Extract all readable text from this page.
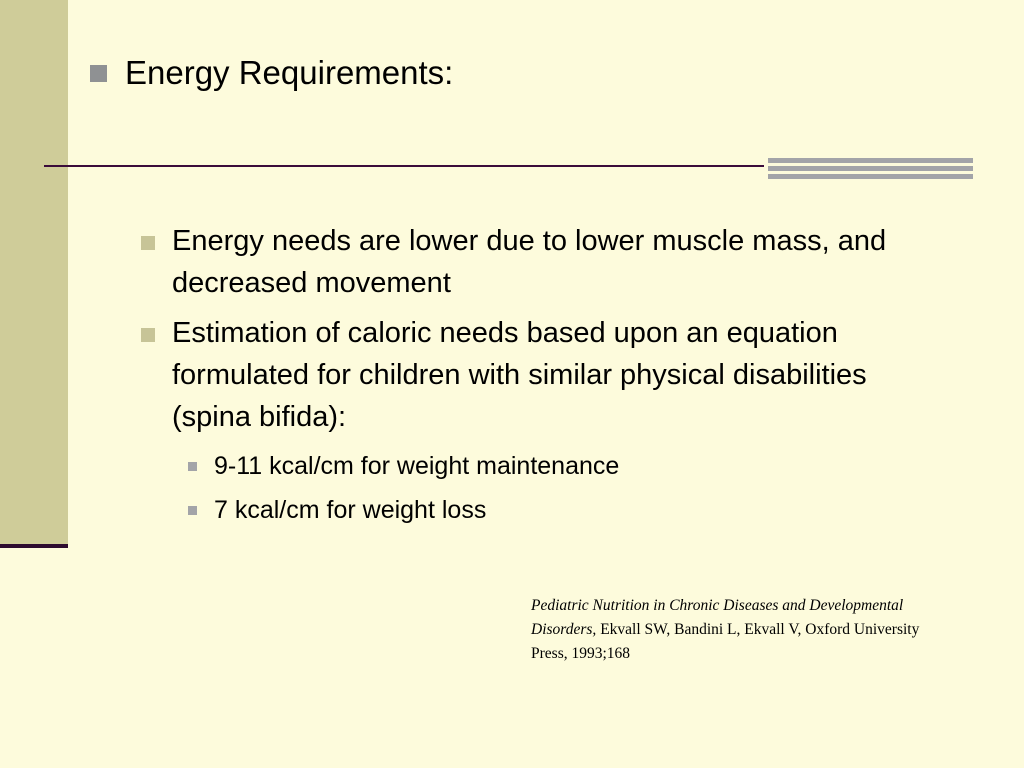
Energy Requirements:
Energy needs are lower due to lower muscle mass, and decreased movement
Estimation of caloric needs based upon an equation formulated for children with similar physical disabilities (spina bifida):
9-11 kcal/cm for weight maintenance
7 kcal/cm for weight loss
Pediatric Nutrition in Chronic Diseases and Developmental Disorders, Ekvall SW, Bandini L, Ekvall V, Oxford University Press, 1993;168
